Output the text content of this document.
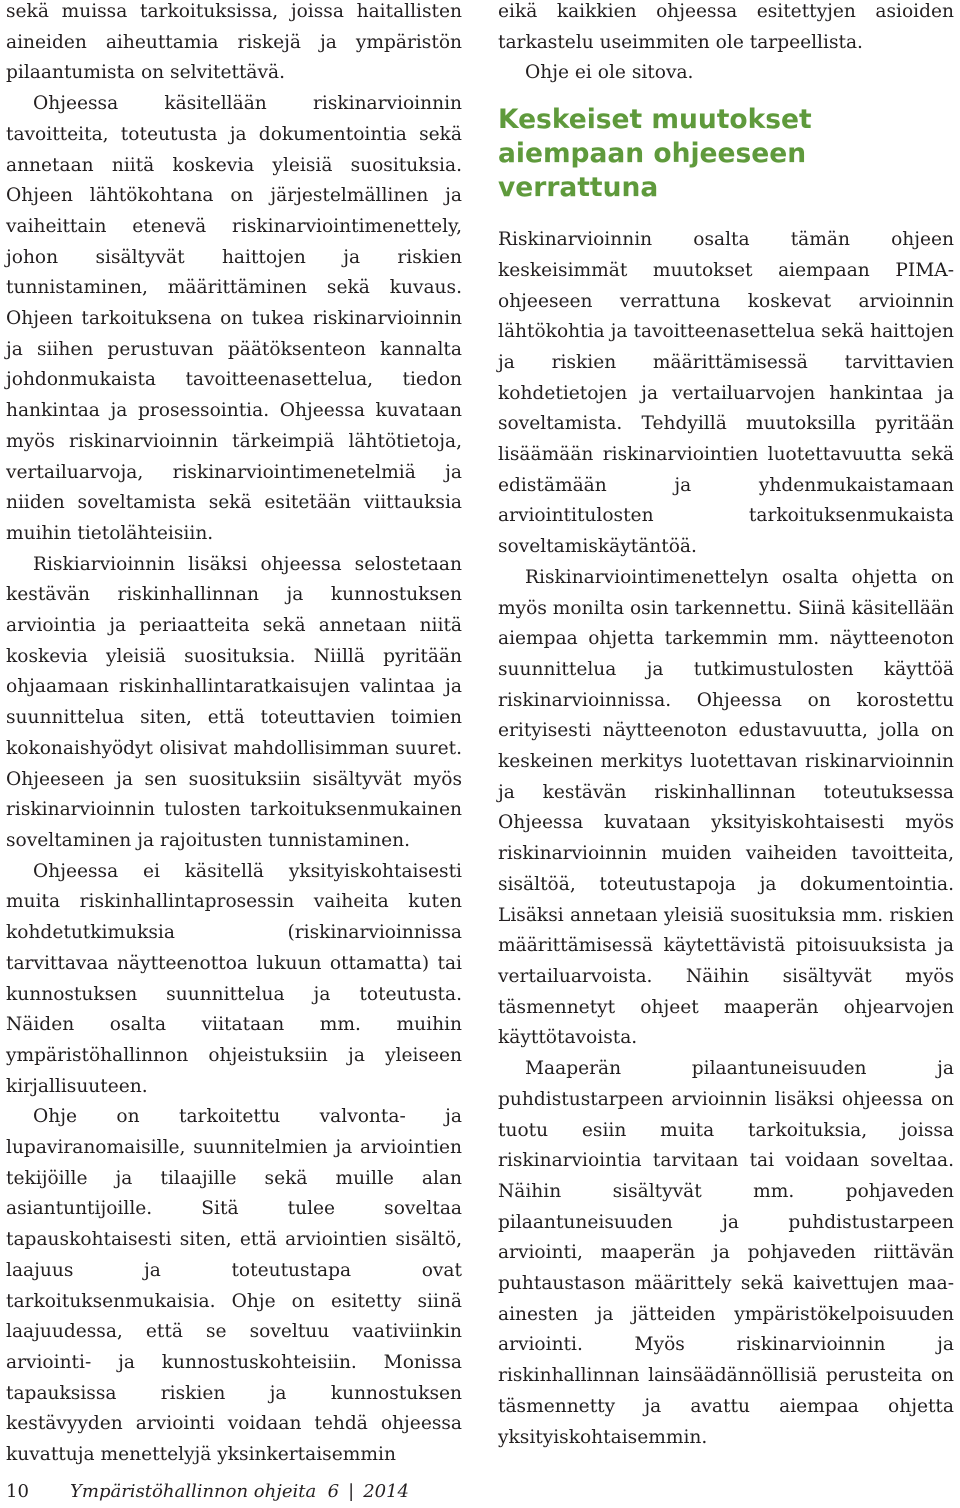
sekä muissa tarkoituksissa, joissa haitallisten aineiden aiheuttamia riskejä ja ympäristön pilaantumista on selvitettävä.

Ohjeessa käsitellään riskinarvioinnin tavoitteita, toteutusta ja dokumentointia sekä annetaan niitä koskevia yleisiä suosituksia. Ohjeen lähtökohtana on järjestelmällinen ja vaiheittain etenevä riskinarviointimenettely, johon sisältyvät haittojen ja riskien tunnistaminen, määrittäminen sekä kuvaus. Ohjeen tarkoituksena on tukea riskinarvioinnin ja siihen perustuvan päätöksenteon kannalta johdonmukaista tavoitteenasettelua, tiedon hankintaa ja prosessointia. Ohjeessa kuvataan myös riskinarvioinnin tärkeimpiä lähtötietoja, vertailuarvoja, riskinarviointimenetelmiä ja niiden soveltamista sekä esitetään viittauksia muihin tietolähteisiin.

Riskiarvioinnin lisäksi ohjeessa selostetaan kestävän riskinhallinnan ja kunnostuksen arviointia ja periaatteita sekä annetaan niitä koskevia yleisiä suosituksia. Niillä pyritään ohjaamaan riskinhallintaratkaisujen valintaa ja suunnittelua siten, että toteuttavien toimien kokonaishyödyt olisivat mahdollisimman suuret. Ohjeeseen ja sen suosituksiin sisältyvät myös riskinarvioinnin tulosten tarkoituksenmukainen soveltaminen ja rajoitusten tunnistaminen.

Ohjeessa ei käsitellä yksityiskohtaisesti muita riskinhallintaprosessin vaiheita kuten kohdetutkimuksia (riskinarvioinnissa tarvittavaa näytteenottoa lukuun ottamatta) tai kunnostuksen suunnittelua ja toteutusta. Näiden osalta viitataan mm. muihin ympäristöhallinnon ohjeistuksiin ja yleiseen kirjallisuuteen.

Ohje on tarkoitettu valvonta- ja lupaviranomaisille, suunnitelmien ja arviointien tekijöille ja tilaajille sekä muille alan asiantuntijoille. Sitä tulee soveltaa tapauskohtaisesti siten, että arviointien sisältö, laajuus ja toteutustapa ovat tarkoituksenmukaisia. Ohje on esitetty siinä laajuudessa, että se soveltuu vaativiinkin arviointi- ja kunnostuskohteisiin. Monissa tapauksissa riskien ja kunnostuksen kestävyyden arviointi voidaan tehdä ohjeessa kuvattuja menettelyjä yksinkertaisemmin

eikä kaikkien ohjeessa esitettyjen asioiden tarkastelu useimmiten ole tarpeellista.

Ohje ei ole sitova.

Keskeiset muutokset aiempaan ohjeeseen verrattuna

Riskinarvioinnin osalta tämän ohjeen keskeisimmät muutokset aiempaan PIMA-ohjeeseen verrattuna koskevat arvioinnin lähtökohtia ja tavoitteenasettelua sekä haittojen ja riskien määrittämisessä tarvittavien kohdetietojen ja vertailuarvojen hankintaa ja soveltamista. Tehdyillä muutoksilla pyritään lisäämään riskinarviointien luotettavuutta sekä edistämään ja yhdenmukaistamaan arviointitulosten tarkoituksenmukaista soveltamiskäytäntöä.

Riskinarviointimenettelyn osalta ohjetta on myös monilta osin tarkennettu. Siinä käsitellään aiempaa ohjetta tarkemmin mm. näytteenoton suunnittelua ja tutkimustulosten käyttöä riskinarvioinnissa. Ohjeessa on korostettu erityisesti näytteenoton edustavuutta, jolla on keskeinen merkitys luotettavan riskinarvioinnin ja kestävän riskinhallinnan toteutuksessa Ohjeessa kuvataan yksityiskohtaisesti myös riskinarvioinnin muiden vaiheiden tavoitteita, sisältöä, toteutustapoja ja dokumentointia. Lisäksi annetaan yleisiä suosituksia mm. riskien määrittämisessä käytettävistä pitoisuuksista ja vertailuarvoista. Näihin sisältyvät myös täsmennetyt ohjeet maaperän ohjearvojen käyttötavoista.

Maaperän pilaantuneisuuden ja puhdistustarpeen arvioinnin lisäksi ohjeessa on tuotu esiin muita tarkoituksia, joissa riskinarviointia tarvitaan tai voidaan soveltaa. Näihin sisältyvät mm. pohjaveden pilaantuneisuuden ja puhdistustarpeen arviointi, maaperän ja pohjaveden riittävän puhtaustason määrittely sekä kaivettujen maa-ainesten ja jätteiden ympäristökelpoisuuden arviointi. Myös riskinarvioinnin ja riskinhallinnan lainsäädännöllisiä perusteita on täsmennetty ja avattu aiempaa ohjetta yksityiskohtaisemmin.

10 Ympäristöhallinnon ohjeita 6 | 2014
